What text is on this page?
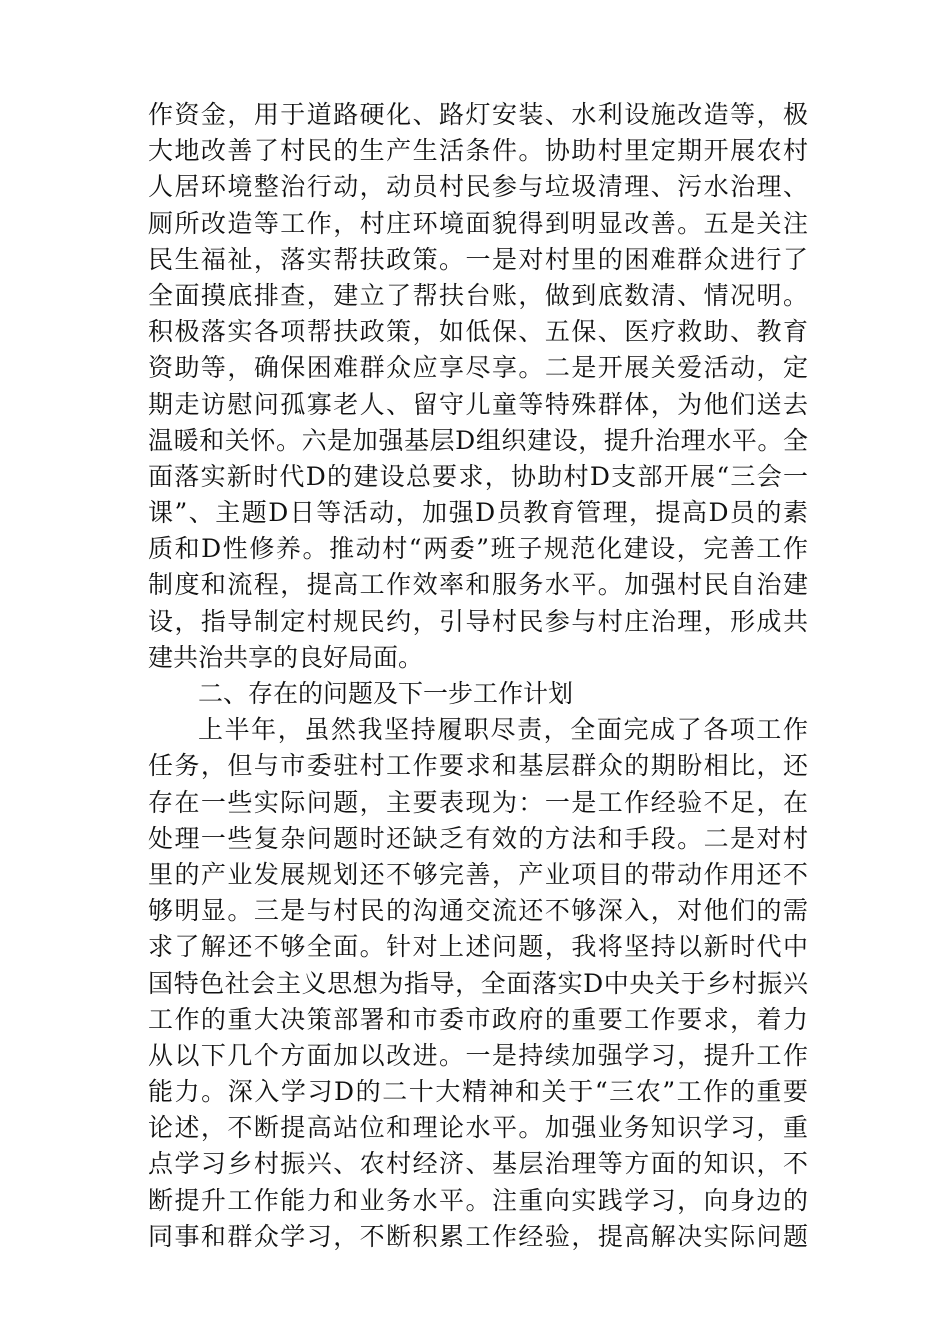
作资金，用于道路硬化、路灯安装、水利设施改造等，极
大地改善了村民的生产生活条件。协助村里定期开展农村
人居环境整治行动，动员村民参与垃圾清理、污水治理、
厕所改造等工作，村庄环境面貌得到明显改善。五是关注
民生福祉，落实帮扶政策。一是对村里的困难群众进行了
全面摸底排查，建立了帮扶台账，做到底数清、情况明。
积极落实各项帮扶政策，如低保、五保、医疗救助、教育
资助等，确保困难群众应享尽享。二是开展关爱活动，定
期走访慰问孤寡老人、留守儿童等特殊群体，为他们送去
温暖和关怀。六是加强基层D组织建设，提升治理水平。全
面落实新时代D的建设总要求，协助村D支部开展“三会一
课”、主题D日等活动，加强D员教育管理，提高D员的素
质和D性修养。推动村“两委”班子规范化建设，完善工作
制度和流程，提高工作效率和服务水平。加强村民自治建
设，指导制定村规民约，引导村民参与村庄治理，形成共
建共治共享的良好局面。
二、存在的问题及下一步工作计划
上半年，虽然我坚持履职尽责，全面完成了各项工作
任务，但与市委驻村工作要求和基层群众的期盼相比，还
存在一些实际问题，主要表现为：一是工作经验不足，在
处理一些复杂问题时还缺乏有效的方法和手段。二是对村
里的产业发展规划还不够完善，产业项目的带动作用还不
够明显。三是与村民的沟通交流还不够深入，对他们的需
求了解还不够全面。针对上述问题，我将坚持以新时代中
国特色社会主义思想为指导，全面落实D中央关于乡村振兴
工作的重大决策部署和市委市政府的重要工作要求，着力
从以下几个方面加以改进。一是持续加强学习，提升工作
能力。深入学习D的二十大精神和关于“三农”工作的重要
论述，不断提高站位和理论水平。加强业务知识学习，重
点学习乡村振兴、农村经济、基层治理等方面的知识，不
断提升工作能力和业务水平。注重向实践学习，向身边的
同事和群众学习，不断积累工作经验，提高解决实际问题
